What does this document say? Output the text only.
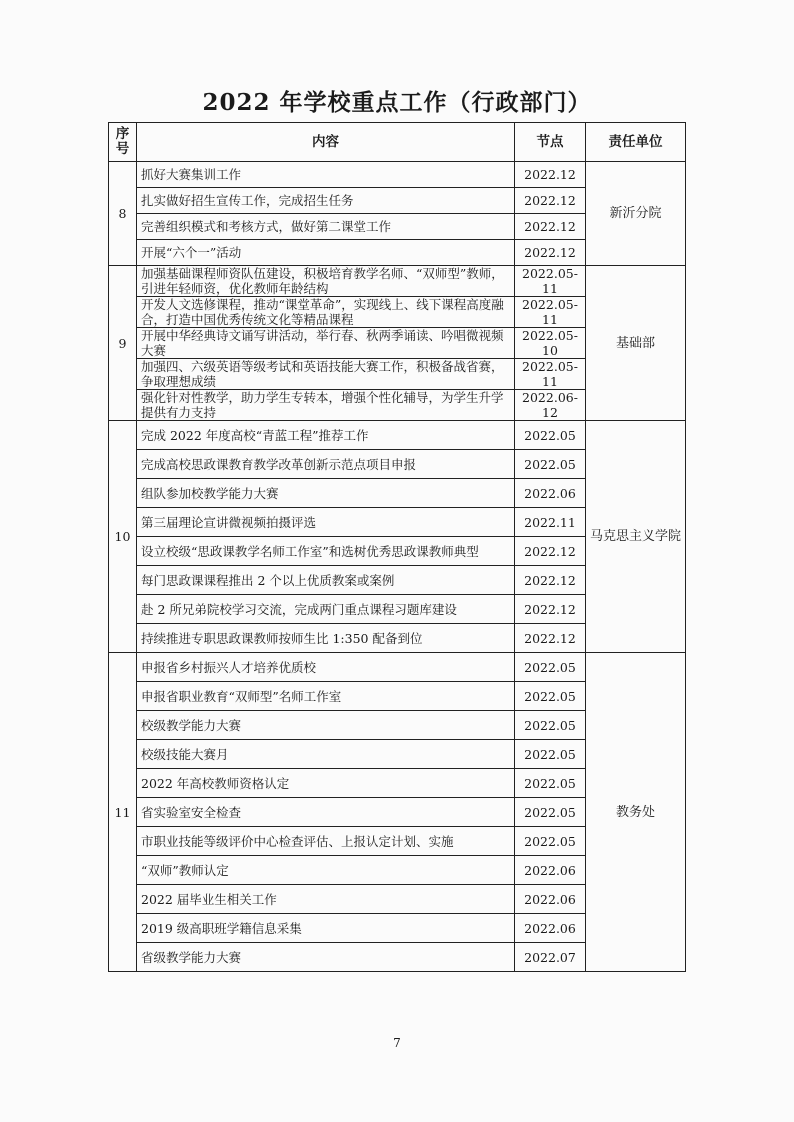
2022 年学校重点工作（行政部门）
序号	内容	节点	责任单位
8	抓好大赛集训工作	2022.12	新沂分院
	扎实做好招生宣传工作，完成招生任务	2022.12	
	完善组织模式和考核方式，做好第二课堂工作	2022.12	
	开展“六个一”活动	2022.12	
9	加强基础课程师资队伍建设，积极培育教学名师、“双师型”教师，引进年轻师资，优化教师年龄结构	2022.05-11	基础部
	开发人文选修课程，推动“课堂革命”，实现线上、线下课程高度融合，打造中国优秀传统文化等精品课程	2022.05-11	
	开展中华经典诗文诵写讲活动，举行春、秋两季诵读、吟唱微视频大赛	2022.05-10	
	加强四、六级英语等级考试和英语技能大赛工作，积极备战省赛，争取理想成绩	2022.05-11	
	强化针对性教学，助力学生专转本，增强个性化辅导，为学生升学提供有力支持	2022.06-12	
10	完成 2022 年度高校“青蓝工程”推荐工作	2022.05	马克思主义学院
	完成高校思政课教育教学改革创新示范点项目申报	2022.05	
	组队参加校教学能力大赛	2022.06	
	第三届理论宣讲微视频拍摄评选	2022.11	
	设立校级“思政课教学名师工作室”和选树优秀思政课教师典型	2022.12	
	每门思政课课程推出 2 个以上优质教案或案例	2022.12	
	赴 2 所兄弟院校学习交流，完成两门重点课程习题库建设	2022.12	
	持续推进专职思政课教师按师生比 1:350 配备到位	2022.12	
11	申报省乡村振兴人才培养优质校	2022.05	教务处
	申报省职业教育“双师型”名师工作室	2022.05	
	校级教学能力大赛	2022.05	
	校级技能大赛月	2022.05	
	2022 年高校教师资格认定	2022.05	
	省实验室安全检查	2022.05	
	市职业技能等级评价中心检查评估、上报认定计划、实施	2022.05	
	“双师”教师认定	2022.06	
	2022 届毕业生相关工作	2022.06	
	2019 级高职班学籍信息采集	2022.06	
	省级教学能力大赛	2022.07	
7
